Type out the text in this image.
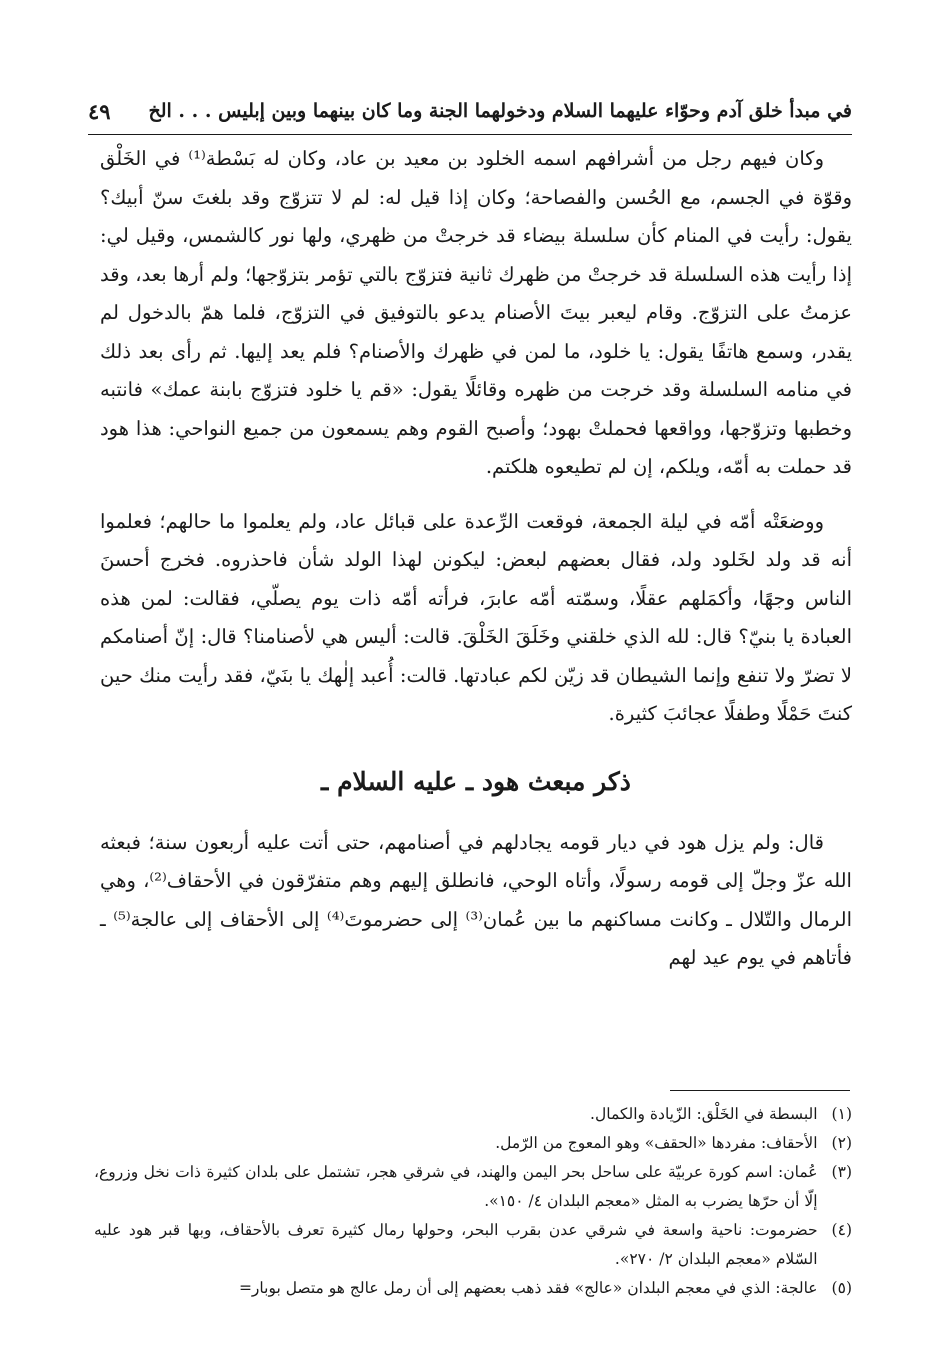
٤٩ في مبدأ خلق آدم وحوّاء عليهما السلام ودخولهما الجنة وما كان بينهما وبين إبليس . . . الخ

وكان فيهم رجل من أشرافهم اسمه الخلود بن معيد بن عاد، وكان له بَسْطة⁽¹⁾ في الخَلْق وقوّة في الجسم، مع الحُسن والفصاحة؛ وكان إذا قيل له: لم لا تتزوّج وقد بلغتَ سنّ أبيك؟ يقول: رأيت في المنام كأن سلسلة بيضاء قد خرجتْ من ظهري، ولها نور كالشمس، وقيل لي: إذا رأيت هذه السلسلة قد خرجتْ من ظهرك ثانية فتزوّج بالتي تؤمر بتزوّجها؛ ولم أرها بعد، وقد عزمتُ على التزوّج. وقام ليعبر بيتَ الأصنام يدعو بالتوفيق في التزوّج، فلما همّ بالدخول لم يقدر، وسمع هاتفًا يقول: يا خلود، ما لمن في ظهرك والأصنام؟ فلم يعد إليها. ثم رأى بعد ذلك في منامه السلسلة وقد خرجت من ظهره وقائلًا يقول: «قم يا خلود فتزوّج بابنة عمك» فانتبه وخطبها وتزوّجها، وواقعها فحملتْ بهود؛ وأصبح القوم وهم يسمعون من جميع النواحي: هذا هود قد حملت به أمّه، ويلكم، إن لم تطيعوه هلكتم.

ووضعَتْه أمّه في ليلة الجمعة، فوقعت الرِّعدة على قبائل عاد، ولم يعلموا ما حالهم؛ فعلموا أنه قد ولد لخَلود ولد، فقال بعضهم لبعض: ليكونن لهذا الولد شأن فاحذروه. فخرج أحسنَ الناس وجهًا، وأكمَلهم عقلًا، وسمّته أمّه عابرَ، فرأته أمّه ذات يوم يصلّي، فقالت: لمن هذه العبادة يا بنيّ؟ قال: لله الذي خلقني وخَلَقَ الخَلْقَ. قالت: أليس هي لأصنامنا؟ قال: إنّ أصنامكم لا تضرّ ولا تنفع وإنما الشيطان قد زيّن لكم عبادتها. قالت: أُعبد إلٰهك يا بنَيّ، فقد رأيت منك حين كنتَ حَمْلًا وطفلًا عجائبَ كثيرة.

ذكر مبعث هود ـ عليه السلام ـ

قال: ولم يزل هود في ديار قومه يجادلهم في أصنامهم، حتى أتت عليه أربعون سنة؛ فبعثه الله عزّ وجلّ إلى قومه رسولًا، وأتاه الوحي، فانطلق إليهم وهم متفرّقون في الأحقاف⁽²⁾، وهي الرمال والتّلال ـ وكانت مساكنهم ما بين عُمان⁽³⁾ إلى حضرموتَ⁽⁴⁾ إلى الأحقاف إلى عالجة⁽⁵⁾ ـ فأتاهم في يوم عيد لهم

(١)
البسطة في الخَلْق: الزّيادة والكمال.
(٢)
الأحقاف: مفردها «الحقف» وهو المعوج من الرّمل.
(٣)
عُمان: اسم كورة عربيّة على ساحل بحر اليمن والهند، في شرقي هجر، تشتمل على بلدان كثيرة ذات نخل وزروع، إلّا أن حرّها يضرب به المثل «معجم البلدان ٤/ ١٥٠».
(٤)
حضرموت: ناحية واسعة في شرقي عدن بقرب البحر، وحولها رمال كثيرة تعرف بالأحقاف، وبها قبر هود عليه السّلام «معجم البلدان ٢/ ٢٧٠».
(٥)
عالجة: الذي في معجم البلدان «عالج» فقد ذهب بعضهم إلى أن رمل عالج هو متصل بوبار=
